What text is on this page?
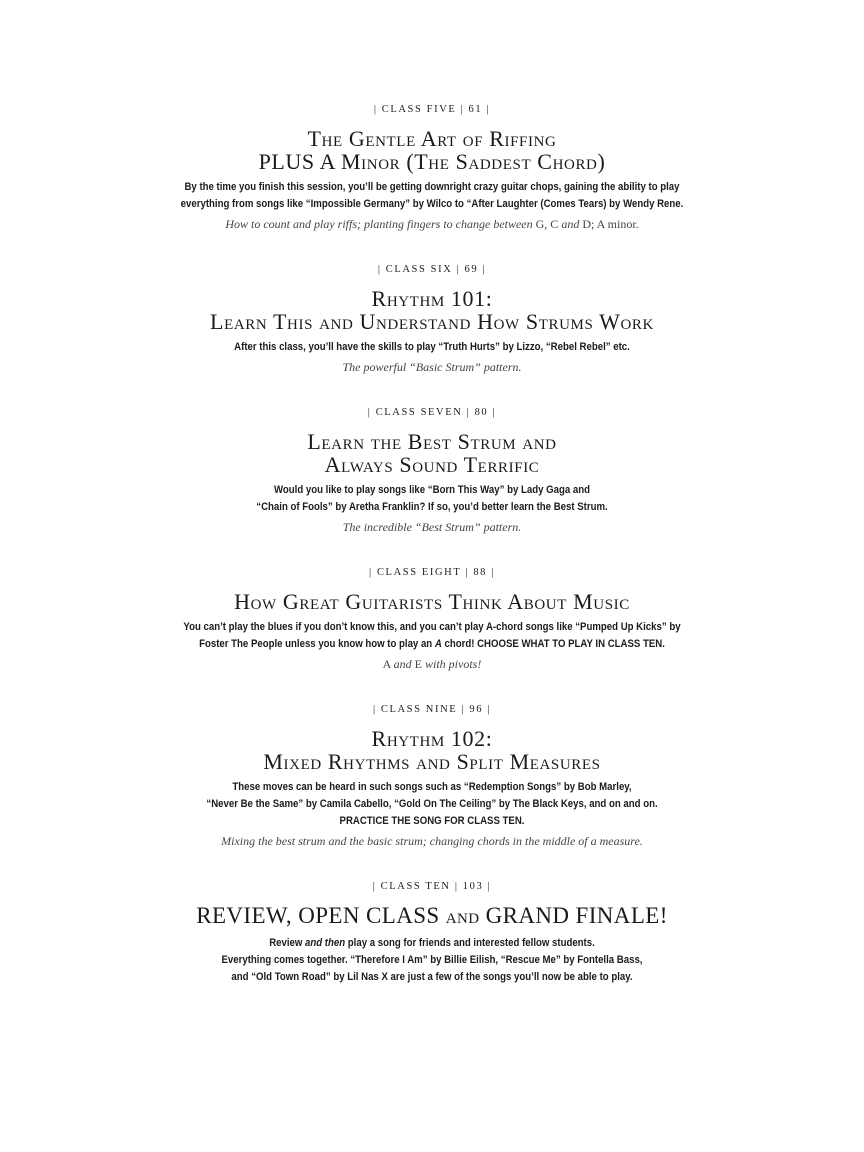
| CLASS FIVE | 61 |
The Gentle Art of Riffing
PLUS A Minor (The Saddest Chord)
By the time you finish this session, you’ll be getting downright crazy guitar chops, gaining the ability to play
everything from songs like “Impossible Germany” by Wilco to “After Laughter (Comes Tears) by Wendy Rene.
How to count and play riffs; planting fingers to change between G, C and D; A minor.
| CLASS SIX | 69 |
Rhythm 101:
Learn This and Understand How Strums Work
After this class, you’ll have the skills to play “Truth Hurts” by Lizzo, “Rebel Rebel” etc.
The powerful “Basic Strum” pattern.
| CLASS SEVEN | 80 |
Learn the Best Strum and
Always Sound Terrific
Would you like to play songs like “Born This Way” by Lady Gaga and
“Chain of Fools” by Aretha Franklin? If so, you’d better learn the Best Strum.
The incredible “Best Strum” pattern.
| CLASS EIGHT | 88 |
How Great Guitarists Think About Music
You can’t play the blues if you don’t know this, and you can’t play A-chord songs like “Pumped Up Kicks” by
Foster The People unless you know how to play an A chord! CHOOSE WHAT TO PLAY IN CLASS TEN.
A and E with pivots!
| CLASS NINE | 96 |
Rhythm 102:
Mixed Rhythms and Split Measures
These moves can be heard in such songs such as “Redemption Songs” by Bob Marley,
“Never Be the Same” by Camila Cabello, “Gold On The Ceiling” by The Black Keys, and on and on.
PRACTICE THE SONG FOR CLASS TEN.
Mixing the best strum and the basic strum; changing chords in the middle of a measure.
| CLASS TEN | 103 |
REVIEW, OPEN CLASS and GRAND FINALE!
Review and then play a song for friends and interested fellow students.
Everything comes together. “Therefore I Am” by Billie Eilish, “Rescue Me” by Fontella Bass,
and “Old Town Road” by Lil Nas X are just a few of the songs you’ll now be able to play.
